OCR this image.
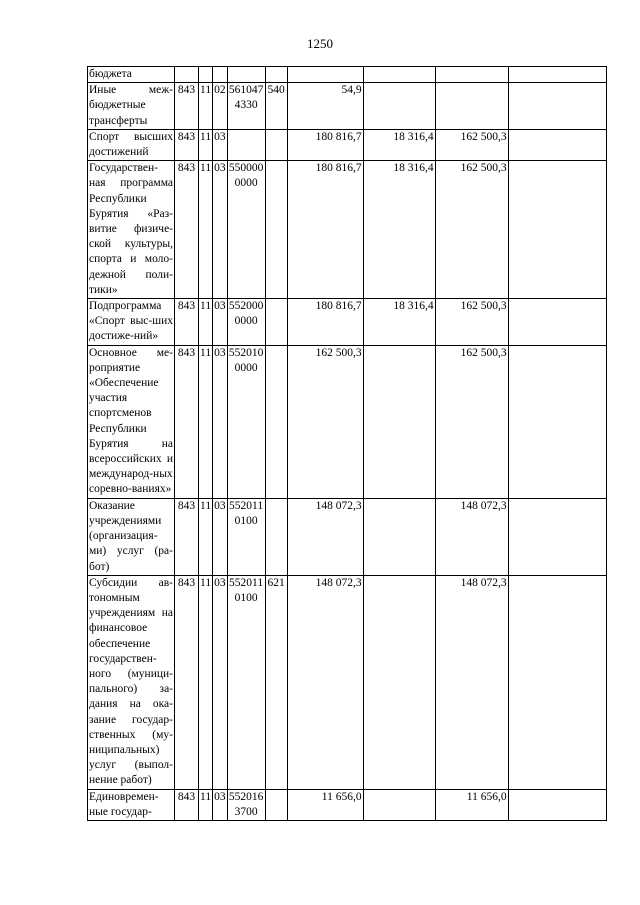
1250
бюджета									
Иные меж-бюджетные трансферты	843	11	02	5610474330	540	54,9			
Спорт высших достижений	843	11	03			180 816,7	18 316,4	162 500,3	
Государствен-ная программа Республики Бурятия «Раз-витие физиче-ской культуры, спорта и моло-дежной поли-тики»	843	11	03	5500000000		180 816,7	18 316,4	162 500,3	
Подпрограмма «Спорт выс-ших достиже-ний»	843	11	03	5520000000		180 816,7	18 316,4	162 500,3	
Основное ме-роприятие «Обеспечение участия спортсменов Республики Бурятия на всероссийских и международ-ных соревно-ваниях»	843	11	03	5520100000		162 500,3		162 500,3	
Оказание учреждениями (организация-ми) услуг (ра-бот)	843	11	03	5520110100		148 072,3		148 072,3	
Субсидии ав-тономным учреждениям на финансовое обеспечение государствен-ного (муници-пального) за-дания на ока-зание государ-ственных (му-ниципальных) услуг (выпол-нение работ)	843	11	03	5520110100	621	148 072,3		148 072,3	
Единовремен-ные государ-	843	11	03	5520163700		11 656,0		11 656,0	
